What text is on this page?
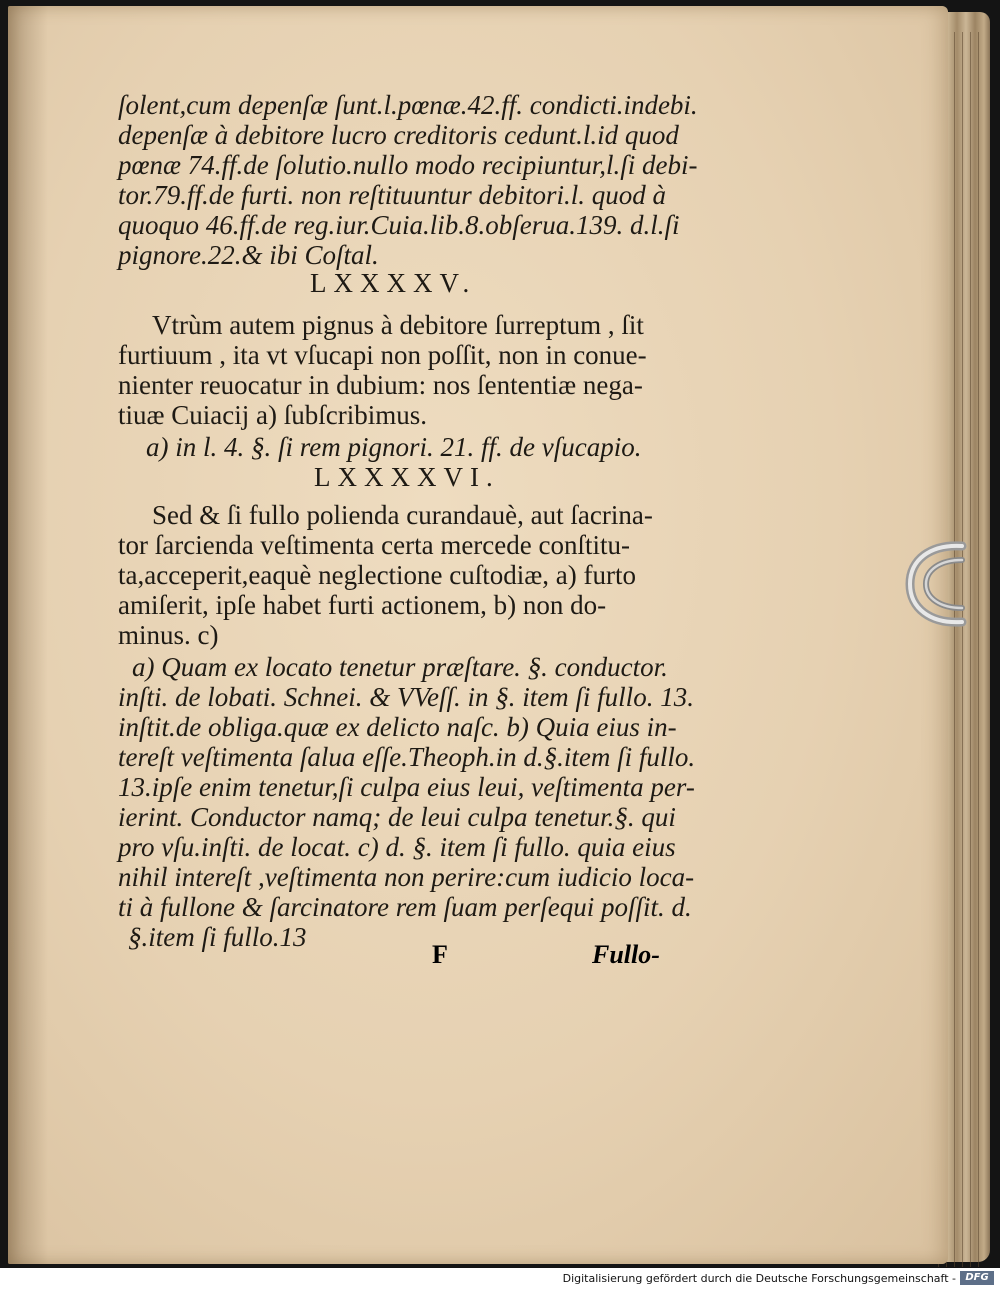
ſolent,cum depenſæ ſunt.l.pœnæ.42.ff. condicti.indebi.
depenſæ à debitore lucro creditoris cedunt.l.id quod
pœnæ 74.ff.de ſolutio.nullo modo recipiuntur,l.ſi debi-
tor.79.ff.de furti. non reſtituuntur debitori.l. quod à
quoquo 46.ff.de reg.iur.Cuia.lib.8.obſerua.139. d.l.ſi
pignore.22.& ibi Coſtal.
LXXXXV.
Vtrùm autem pignus à debitore ſurreptum , ſit
furtiuum , ita vt vſucapi non poſſit, non in conue-
nienter reuocatur in dubium: nos ſententiæ nega-
tiuæ Cuiacij a) ſubſcribimus.
a) in l. 4. §. ſi rem pignori. 21. ff. de vſucapio.
LXXXXVI.
Sed & ſi fullo polienda curandauè, aut ſacrina-
tor ſarcienda veſtimenta certa mercede conſtitu-
ta,acceperit,eaquè neglectione cuſtodiæ, a) furto
amiſerit, ipſe habet furti actionem, b) non do-
minus. c)
a) Quam ex locato tenetur præſtare. §. conductor.
inſti. de lobati. Schnei. & VVeſſ. in §. item ſi fullo. 13.
inſtit.de obliga.quæ ex delicto naſc. b) Quia eius in-
tereſt veſtimenta ſalua eſſe.Theoph.in d.§.item ſi fullo.
13.ipſe enim tenetur,ſi culpa eius leui, veſtimenta per-
ierint. Conductor namq; de leui culpa tenetur.§. qui
pro vſu.inſti. de locat. c) d. §. item ſi fullo. quia eius
nihil intereſt ,veſtimenta non perire:cum iudicio loca-
ti à fullone & ſarcinatore rem ſuam perſequi poſſit. d.
§.item ſi fullo.13
F	Fullo-
Digitalisierung gefördert durch die Deutsche Forschungsgemeinschaft - DFG
